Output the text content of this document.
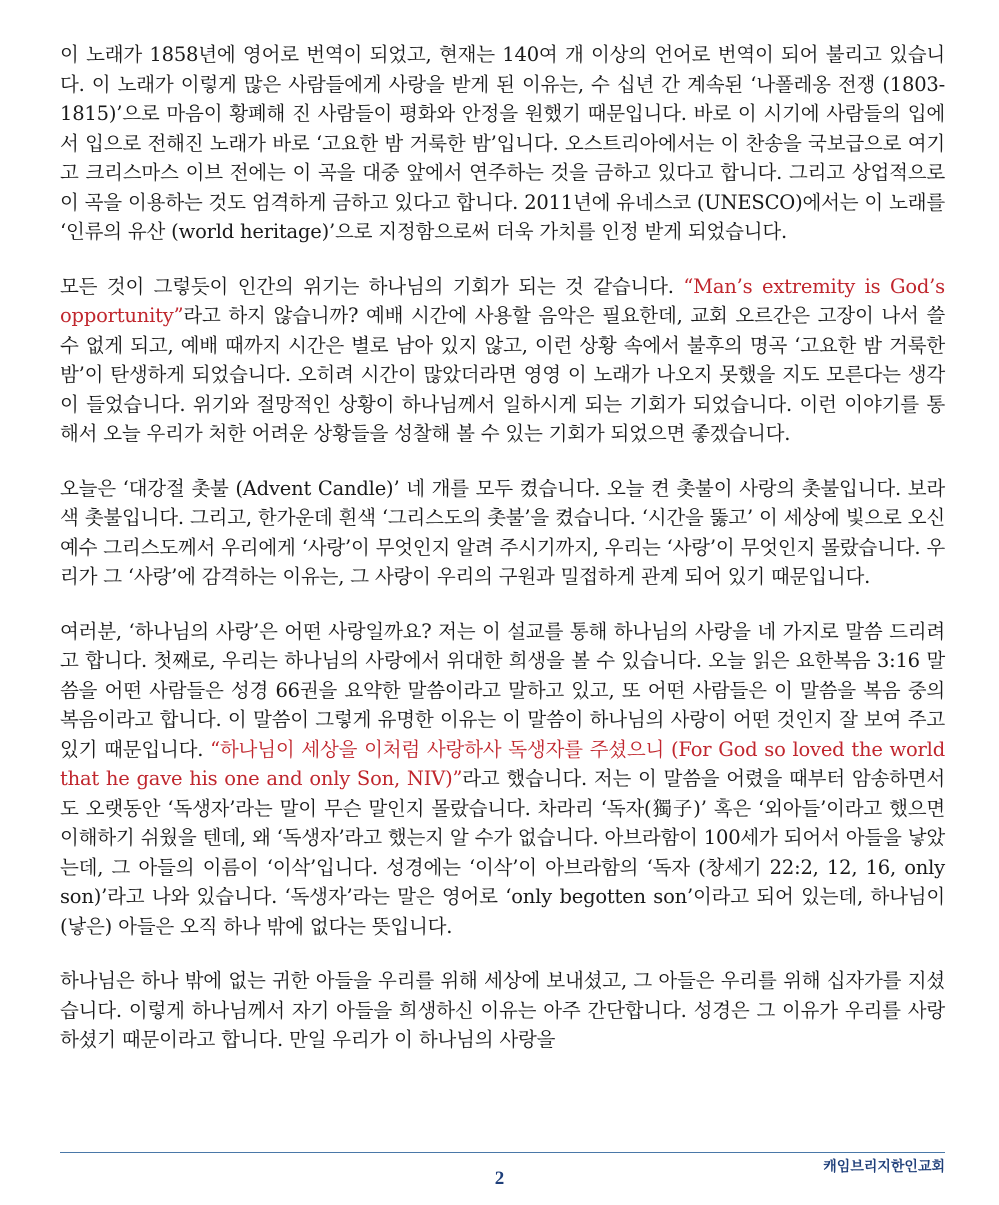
이 노래가 1858년에 영어로 번역이 되었고, 현재는 140여 개 이상의 언어로 번역이 되어 불리고 있습니다. 이 노래가 이렇게 많은 사람들에게 사랑을 받게 된 이유는, 수 십년 간 계속된 ‘나폴레옹 전쟁 (1803-1815)’으로 마음이 황폐해 진 사람들이 평화와 안정을 원했기 때문입니다. 바로 이 시기에 사람들의 입에서 입으로 전해진 노래가 바로 ‘고요한 밤 거룩한 밤’입니다. 오스트리아에서는 이 찬송을 국보급으로 여기고 크리스마스 이브 전에는 이 곡을 대중 앞에서 연주하는 것을 금하고 있다고 합니다. 그리고 상업적으로 이 곡을 이용하는 것도 엄격하게 금하고 있다고 합니다. 2011년에 유네스코 (UNESCO)에서는 이 노래를 ‘인류의 유산 (world heritage)’으로 지정함으로써 더욱 가치를 인정 받게 되었습니다.

모든 것이 그렇듯이 인간의 위기는 하나님의 기회가 되는 것 같습니다. “Man’s extremity is God’s opportunity”라고 하지 않습니까? 예배 시간에 사용할 음악은 필요한데, 교회 오르간은 고장이 나서 쓸 수 없게 되고, 예배 때까지 시간은 별로 남아 있지 않고, 이런 상황 속에서 불후의 명곡 ‘고요한 밤 거룩한 밤’이 탄생하게 되었습니다. 오히려 시간이 많았더라면 영영 이 노래가 나오지 못했을 지도 모른다는 생각이 들었습니다. 위기와 절망적인 상황이 하나님께서 일하시게 되는 기회가 되었습니다. 이런 이야기를 통해서 오늘 우리가 처한 어려운 상황들을 성찰해 볼 수 있는 기회가 되었으면 좋겠습니다.

오늘은 ‘대강절 촛불 (Advent Candle)’ 네 개를 모두 켰습니다. 오늘 켠 촛불이 사랑의 촛불입니다. 보라색 촛불입니다. 그리고, 한가운데 흰색 ‘그리스도의 촛불’을 켰습니다. ‘시간을 뚫고’ 이 세상에 빛으로 오신 예수 그리스도께서 우리에게 ‘사랑’이 무엇인지 알려 주시기까지, 우리는 ‘사랑’이 무엇인지 몰랐습니다. 우리가 그 ‘사랑’에 감격하는 이유는, 그 사랑이 우리의 구원과 밀접하게 관계 되어 있기 때문입니다.

여러분, ‘하나님의 사랑’은 어떤 사랑일까요? 저는 이 설교를 통해 하나님의 사랑을 네 가지로 말씀 드리려고 합니다. 첫째로, 우리는 하나님의 사랑에서 위대한 희생을 볼 수 있습니다. 오늘 읽은 요한복음 3:16 말씀을 어떤 사람들은 성경 66권을 요약한 말씀이라고 말하고 있고, 또 어떤 사람들은 이 말씀을 복음 중의 복음이라고 합니다. 이 말씀이 그렇게 유명한 이유는 이 말씀이 하나님의 사랑이 어떤 것인지 잘 보여 주고 있기 때문입니다. “하나님이 세상을 이처럼 사랑하사 독생자를 주셨으니 (For God so loved the world that he gave his one and only Son, NIV)”라고 했습니다. 저는 이 말씀을 어렸을 때부터 암송하면서도 오랫동안 ‘독생자’라는 말이 무슨 말인지 몰랐습니다. 차라리 ‘독자(獨子)’ 혹은 ‘외아들’이라고 했으면 이해하기 쉬웠을 텐데, 왜 ‘독생자’라고 했는지 알 수가 없습니다. 아브라함이 100세가 되어서 아들을 낳았는데, 그 아들의 이름이 ‘이삭’입니다. 성경에는 ‘이삭’이 아브라함의 ‘독자 (창세기 22:2, 12, 16, only son)’라고 나와 있습니다. ‘독생자’라는 말은 영어로 ‘only begotten son’이라고 되어 있는데, 하나님이 (낳은) 아들은 오직 하나 밖에 없다는 뜻입니다.

하나님은 하나 밖에 없는 귀한 아들을 우리를 위해 세상에 보내셨고, 그 아들은 우리를 위해 십자가를 지셨습니다. 이렇게 하나님께서 자기 아들을 희생하신 이유는 아주 간단합니다. 성경은 그 이유가 우리를 사랑하셨기 때문이라고 합니다. 만일 우리가 이 하나님의 사랑을

캐임브리지한인교회
2
